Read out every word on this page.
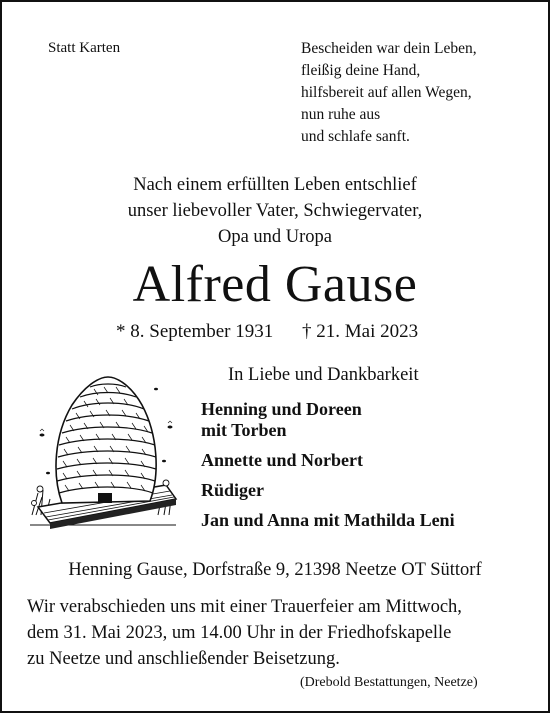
Statt Karten	Bescheiden war dein Leben,
fleißig deine Hand,
hilfsbereit auf allen Wegen,
nun ruhe aus
und schlafe sanft.
Nach einem erfüllten Leben entschlief
unser liebevoller Vater, Schwiegervater,
Opa und Uropa
Alfred Gause
* 8. September 1931 † 21. Mai 2023
In Liebe und Dankbarkeit
Henning und Doreen
mit Torben
Annette und Norbert
Rüdiger
Jan und Anna mit Mathilda Leni
Henning Gause, Dorfstraße 9, 21398 Neetze OT Süttorf
Wir verabschieden uns mit einer Trauerfeier am Mittwoch,
dem 31. Mai 2023, um 14.00 Uhr in der Friedhofskapelle
zu Neetze und anschließender Beisetzung.
(Drebold Bestattungen, Neetze)
